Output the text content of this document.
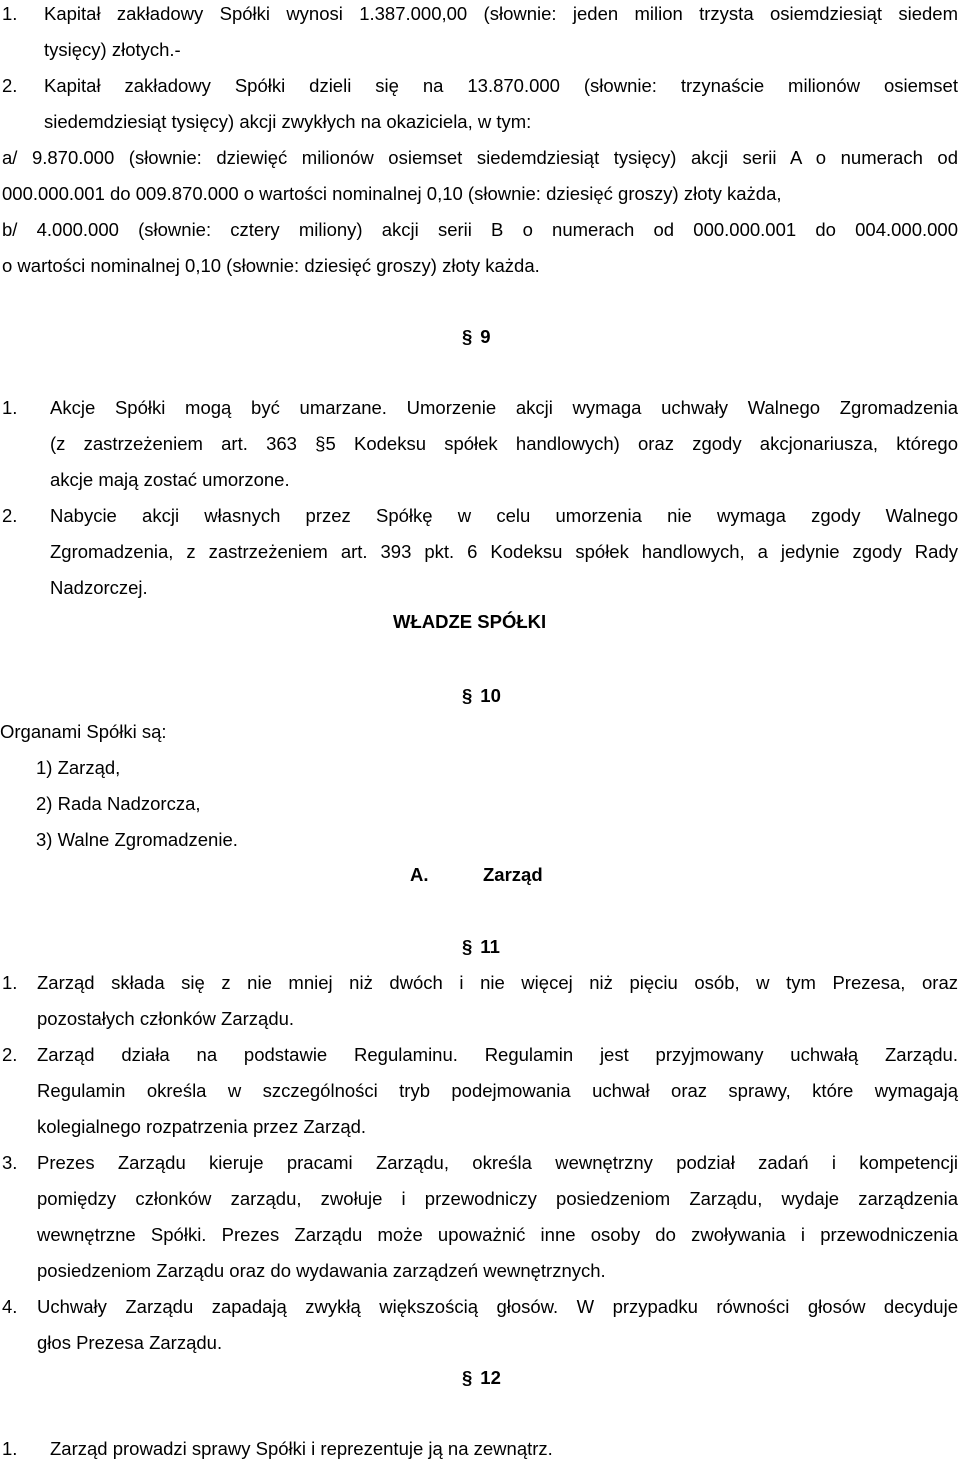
1. Kapitał zakładowy Spółki wynosi 1.387.000,00 (słownie: jeden milion trzysta osiemdziesiąt siedem
tysięcy) złotych.-
2. Kapitał zakładowy Spółki dzieli się na 13.870.000 (słownie: trzynaście milionów osiemset
siedemdziesiąt tysięcy) akcji zwykłych na okaziciela, w tym:
a/ 9.870.000 (słownie: dziewięć milionów osiemset siedemdziesiąt tysięcy) akcji serii A o numerach od
000.000.001 do 009.870.000 o wartości nominalnej 0,10 (słownie: dziesięć groszy) złoty każda,
b/ 4.000.000 (słownie: cztery miliony) akcji serii B o numerach od 000.000.001 do 004.000.000
o wartości nominalnej 0,10 (słownie: dziesięć groszy) złoty każda.
§ 9
1. Akcje Spółki mogą być umarzane. Umorzenie akcji wymaga uchwały Walnego Zgromadzenia
(z zastrzeżeniem art. 363 §5 Kodeksu spółek handlowych) oraz zgody akcjonariusza, którego
akcje mają zostać umorzone.
2. Nabycie akcji własnych przez Spółkę w celu umorzenia nie wymaga zgody Walnego
Zgromadzenia, z zastrzeżeniem art. 393 pkt. 6 Kodeksu spółek handlowych, a jedynie zgody Rady
Nadzorczej.
WŁADZE SPÓŁKI
§ 10
Organami Spółki są:
1) Zarząd,
2) Rada Nadzorcza,
3) Walne Zgromadzenie.
A.	Zarząd
§ 11
1. Zarząd składa się z nie mniej niż dwóch i nie więcej niż pięciu osób, w tym Prezesa, oraz
pozostałych członków Zarządu.
2. Zarząd działa na podstawie Regulaminu. Regulamin jest przyjmowany uchwałą Zarządu.
Regulamin określa w szczególności tryb podejmowania uchwał oraz sprawy, które wymagają
kolegialnego rozpatrzenia przez Zarząd.
3. Prezes Zarządu kieruje pracami Zarządu, określa wewnętrzny podział zadań i kompetencji
pomiędzy członków zarządu, zwołuje i przewodniczy posiedzeniom Zarządu, wydaje zarządzenia
wewnętrzne Spółki. Prezes Zarządu może upoważnić inne osoby do zwoływania i przewodniczenia
posiedzeniom Zarządu oraz do wydawania zarządzeń wewnętrznych.
4. Uchwały Zarządu zapadają zwykłą większością głosów. W przypadku równości głosów decyduje
głos Prezesa Zarządu.
§ 12
1. Zarząd prowadzi sprawy Spółki i reprezentuje ją na zewnątrz.
